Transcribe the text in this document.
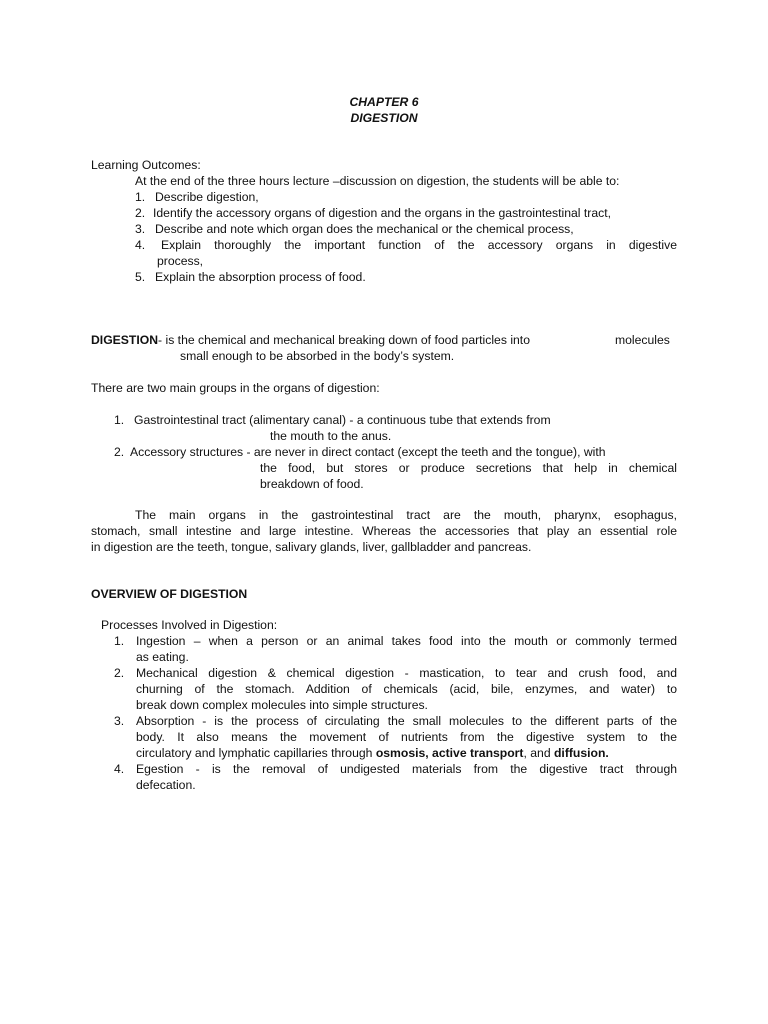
CHAPTER 6
DIGESTION
Learning Outcomes:
At the end of the three hours lecture –discussion on digestion, the students will be able to:
1. Describe digestion,
2. Identify the accessory organs of digestion and the organs in the gastrointestinal tract,
3. Describe and note which organ does the mechanical or the chemical process,
4.	Explain thoroughly the important function of the accessory organs in digestive
process,
5. Explain the absorption process of food.
DIGESTION- is the chemical and mechanical breaking down of food particles into	molecules
small enough to be absorbed in the body’s system.
There are two main groups in the organs of digestion:
1. Gastrointestinal tract (alimentary canal) - a continuous tube that extends from
the mouth to the anus.
2. Accessory structures - are never in direct contact (except the teeth and the tongue), with
the food, but stores or produce secretions that help in chemical
breakdown of food.
The main organs in the gastrointestinal tract are the mouth, pharynx, esophagus,
stomach, small intestine and large intestine. Whereas the accessories that play an essential role
in digestion are the teeth, tongue, salivary glands, liver, gallbladder and pancreas.
OVERVIEW OF DIGESTION
Processes Involved in Digestion:
1. Ingestion – when a person or an animal takes food into the mouth or commonly termed
as eating.
2. Mechanical digestion & chemical digestion - mastication, to tear and crush food, and
churning of the stomach. Addition of chemicals (acid, bile, enzymes, and water) to
break down complex molecules into simple structures.
3. Absorption - is the process of circulating the small molecules to the different parts of the
body. It also means the movement of nutrients from the digestive system to the
circulatory and lymphatic capillaries through osmosis, active transport, and diffusion.
4. Egestion - is the removal of undigested materials from the digestive tract through
defecation.
